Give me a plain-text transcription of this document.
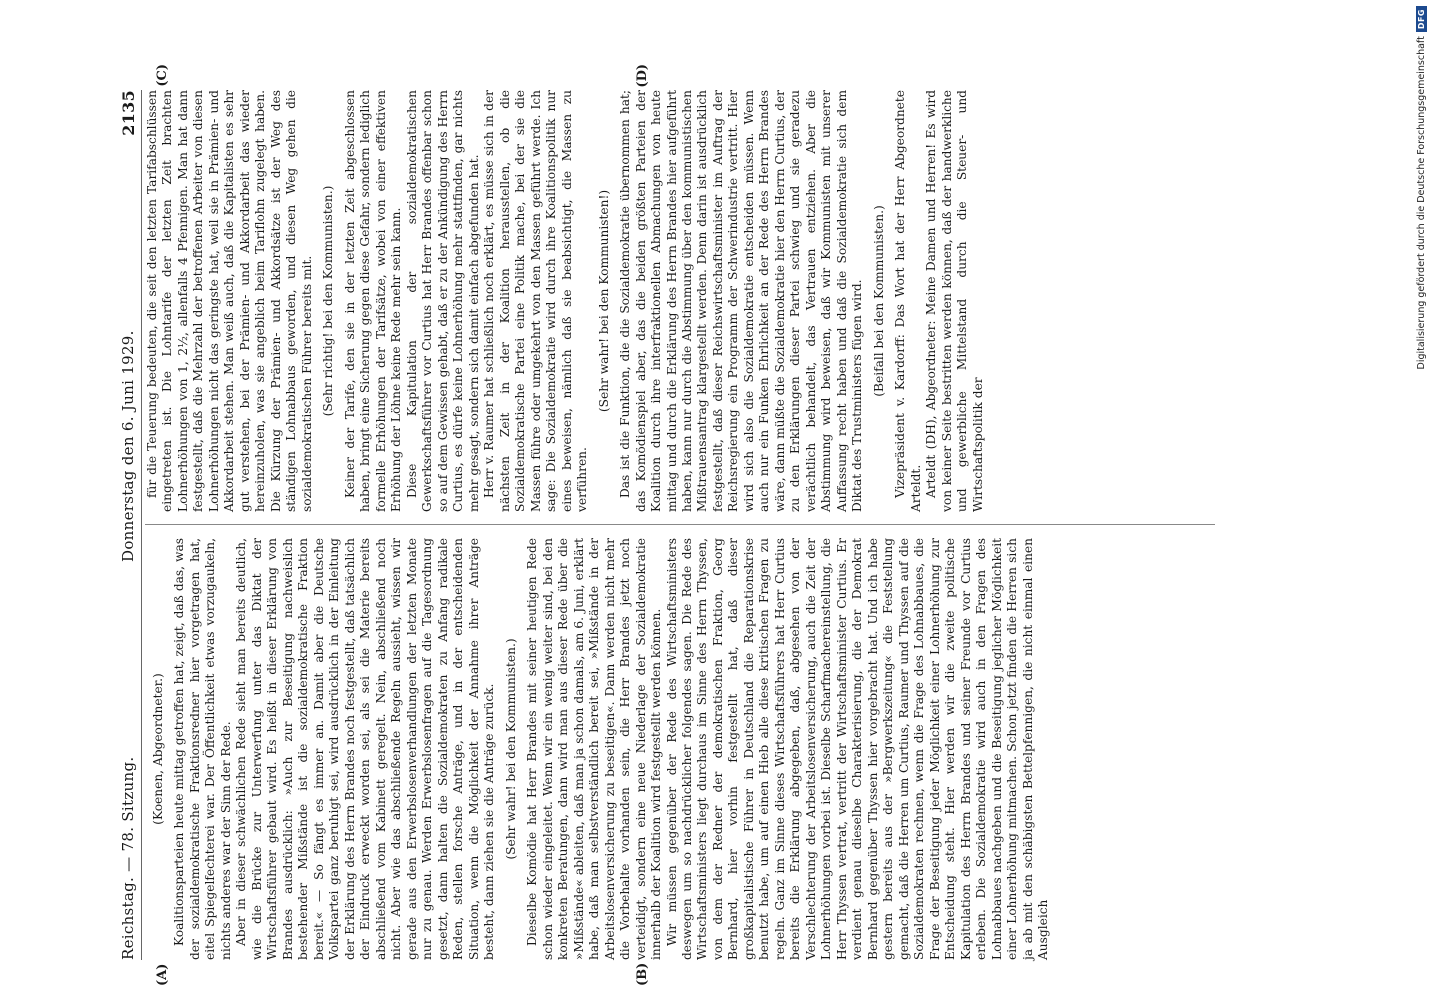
Reichstag. — 78. Sitzung.
Donnerstag den 6. Juni 1929.
2135

(Koenen, Abgeordneter.) Koalitionsparteien heute mittag getroffen hat, zeigt, daß das, was der sozialdemokratische Fraktionsredner hier vorgetragen hat, eitel Spiegelfechterei war. Der Öffentlichkeit etwas vorzugaukeln, nichts anderes war der Sinn der Rede. Aber in dieser schwächlichen Rede sieht man bereits deutlich, wie die Brücke zur Unterwerfung unter das Diktat der Wirtschaftsführer gebaut wird. Es heißt in dieser Erklärung von Brandes ausdrücklich: »Auch zur Beseitigung nachweislich bestehender Mißstände ist die sozialdemokratische Fraktion bereit.« — So fängt es immer an. Damit aber die Deutsche Volkspartei ganz beruhigt sei, wird ausdrücklich in der Einleitung der Erklärung des Herrn Brandes noch festgestellt, daß tatsächlich der Eindruck erweckt worden sei, als sei die Materie bereits abschließend vom Kabinett geregelt. Nein, abschließend noch nicht. Aber wie das abschließende Regeln aussieht, wissen wir gerade aus den Erwerbslosenverhandlungen der letzten Monate nur zu genau. Werden Erwerbslosenfragen auf die Tagesordnung gesetzt, dann halten die Sozialdemokraten zu Anfang radikale Reden, stellen forsche Anträge, und in der entscheidenden Situation, wenn die Möglichkeit der Annahme ihrer Anträge besteht, dann ziehen sie die Anträge zurück. (Sehr wahr! bei den Kommunisten.) Dieselbe Komödie hat Herr Brandes mit seiner heutigen Rede schon wieder eingeleitet. Wenn wir ein wenig weiter sind, bei den konkreten Beratungen, dann wird man aus dieser Rede über die »Mißstände« ableiten, daß man ja schon damals, am 6. Juni, erklärt habe, daß man selbstverständlich bereit sei, »Mißstände in der Arbeitslosenversicherung zu beseitigen«. Dann werden nicht mehr die Vorbehalte vorhanden sein, die Herr Brandes jetzt noch verteidigt, sondern eine neue Niederlage der Sozialdemokratie innerhalb der Koalition wird festgestellt werden können. Wir müssen gegenüber der Rede des Wirtschaftsministers deswegen um so nachdrücklicher folgendes sagen. Die Rede des Wirtschaftsministers liegt durchaus im Sinne des Herrn Thyssen, von dem der Redner der demokratischen Fraktion, Georg Bernhard, hier vorhin festgestellt hat, daß dieser großkapitalistische Führer in Deutschland die Reparationskrise benutzt habe, um auf einen Hieb alle diese kritischen Fragen zu regeln. Ganz im Sinne dieses Wirtschaftsführers hat Herr Curtius bereits die Erklärung abgegeben, daß, abgesehen von der Verschlechterung der Arbeitslosenversicherung, auch die Zeit der Lohnerhöhungen vorbei ist. Dieselbe Scharfmachereinstellung, die Herr Thyssen vertrat, vertritt der Wirtschaftsminister Curtius. Er verdient genau dieselbe Charakterisierung, die der Demokrat Bernhard gegenüber Thyssen hier vorgebracht hat. Und ich habe gestern bereits aus der »Bergwerkszeitung« die Feststellung gemacht, daß die Herren um Curtius, Raumer und Thyssen auf die Sozialdemokraten rechnen, wenn die Frage des Lohnabbaues, die Frage der Beseitigung jeder Möglichkeit einer Lohnerhöhung zur Entscheidung steht. Hier werden wir die zweite politische Kapitulation des Herrn Brandes und seiner Freunde vor Curtius erleben. Die Sozialdemokratie wird auch in den Fragen des Lohnabbaues nachgeben und die Beseitigung jeglicher Möglichkeit einer Lohnerhöhung mitmachen. Schon jetzt finden die Herren sich ja ab mit den schäbigsten Bettelpfennigen, die nicht einmal einen Ausgleich

für die Teuerung bedeuten, die seit den letzten Tarifabschlüssen eingetreten ist. Die Lohntarife der letzten Zeit brachten Lohnerhöhungen von 1, 2½, allenfalls 4 Pfennigen. Man hat dann festgestellt, daß die Mehrzahl der betroffenen Arbeiter von diesen Lohnerhöhungen nicht das geringste hat, weil sie in Prämien- und Akkordarbeit stehen. Man weiß auch, daß die Kapitalisten es sehr gut verstehen, bei der Prämien- und Akkordarbeit das wieder hereinzuholen, was sie angeblich beim Tariflohn zugelegt haben. Die Kürzung der Prämien- und Akkordsätze ist der Weg des ständigen Lohnabbaus geworden, und diesen Weg gehen die sozialdemokratischen Führer bereits mit. (Sehr richtig! bei den Kommunisten.) Keiner der Tarife, den sie in der letzten Zeit abgeschlossen haben, bringt eine Sicherung gegen diese Gefahr, sondern lediglich formelle Erhöhungen der Tarifsätze, wobei von einer effektiven Erhöhung der Löhne keine Rede mehr sein kann. Diese Kapitulation der sozialdemokratischen Gewerkschaftsführer vor Curtius hat Herr Brandes offenbar schon so auf dem Gewissen gehabt, daß er zu der Ankündigung des Herrn Curtius, es dürfe keine Lohnerhöhung mehr stattfinden, gar nichts mehr gesagt, sondern sich damit einfach abgefunden hat. Herr v. Raumer hat schließlich noch erklärt, es müsse sich in der nächsten Zeit in der Koalition herausstellen, ob die Sozialdemokratische Partei eine Politik mache, bei der sie die Massen führe oder umgekehrt von den Massen geführt werde. Ich sage: Die Sozialdemokratie wird durch ihre Koalitionspolitik nur eines beweisen, nämlich daß sie beabsichtigt, die Massen zu verführen.

(Sehr wahr! bei den Kommunisten!) Das ist die Funktion, die die Sozialdemokratie übernommen hat; das Komödienspiel aber, das die beiden größten Parteien der Koalition durch ihre interfraktionellen Abmachungen von heute mittag und durch die Erklärung des Herrn Brandes hier aufgeführt haben, kann nur durch die Abstimmung über den kommunistischen Mißtrauensantrag klargestellt werden. Denn darin ist ausdrücklich festgestellt, daß dieser Reichswirtschaftsminister im Auftrag der Reichsregierung ein Programm der Schwerindustrie vertritt. Hier wird sich also die Sozialdemokratie entscheiden müssen. Wenn auch nur ein Funken Ehrlichkeit an der Rede des Herrn Brandes wäre, dann müßte die Sozialdemokratie hier den Herrn Curtius, der zu den Erklärungen dieser Partei schwieg und sie geradezu verächtlich behandelt, das Vertrauen entziehen. Aber die Abstimmung wird beweisen, daß wir Kommunisten mit unserer Auffassung recht haben und daß die Sozialdemokratie sich dem Diktat des Trustministers fügen wird. (Beifall bei den Kommunisten.) Vizepräsident v. Kardorff: Das Wort hat der Herr Abgeordnete Arteldt. Arteldt (DH), Abgeordneter: Meine Damen und Herren! Es wird von keiner Seite bestritten werden können, daß der handwerkliche und gewerbliche Mittelstand durch die Steuer- und Wirtschaftspolitik der

(A)	(B)
(C)	(D)	Digitalisierung gefördert durch die Deutsche Forschungsgemeinschaft
DFG
